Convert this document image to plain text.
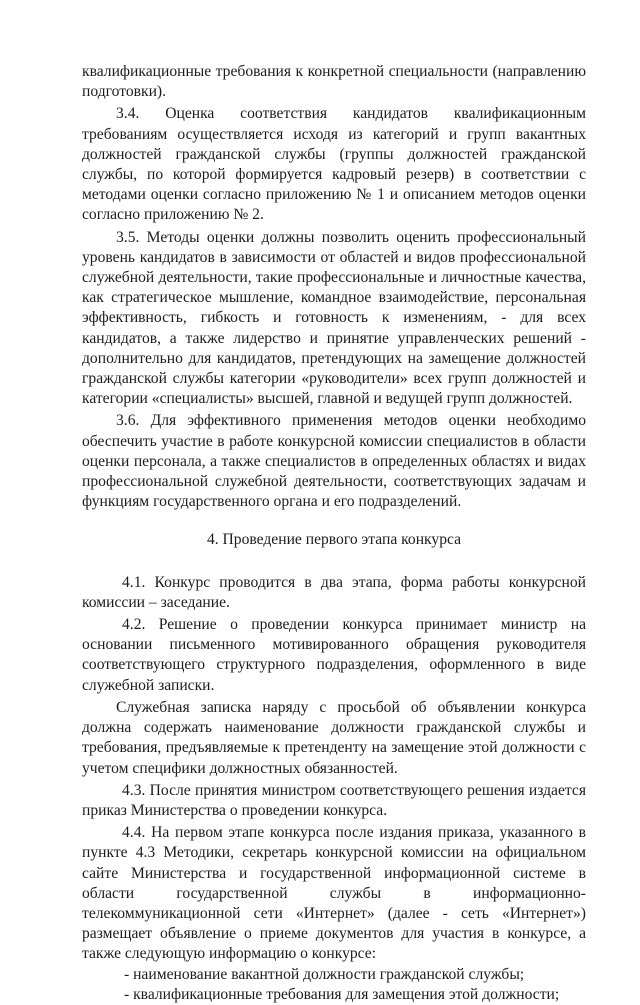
квалификационные требования к конкретной специальности (направлению подготовки).

3.4. Оценка соответствия кандидатов квалификационным требованиям осуществляется исходя из категорий и групп вакантных должностей гражданской службы (группы должностей гражданской службы, по которой формируется кадровый резерв) в соответствии с методами оценки согласно приложению № 1 и описанием методов оценки согласно приложению № 2.

3.5. Методы оценки должны позволить оценить профессиональный уровень кандидатов в зависимости от областей и видов профессиональной служебной деятельности, такие профессиональные и личностные качества, как стратегическое мышление, командное взаимодействие, персональная эффективность, гибкость и готовность к изменениям, - для всех кандидатов, а также лидерство и принятие управленческих решений - дополнительно для кандидатов, претендующих на замещение должностей гражданской службы категории «руководители» всех групп должностей и категории «специалисты» высшей, главной и ведущей групп должностей.

3.6. Для эффективного применения методов оценки необходимо обеспечить участие в работе конкурсной комиссии специалистов в области оценки персонала, а также специалистов в определенных областях и видах профессиональной служебной деятельности, соответствующих задачам и функциям государственного органа и его подразделений.

4. Проведение первого этапа конкурса

4.1. Конкурс проводится в два этапа, форма работы конкурсной комиссии – заседание.

4.2. Решение о проведении конкурса принимает министр на основании письменного мотивированного обращения руководителя соответствующего структурного подразделения, оформленного в виде служебной записки.

Служебная записка наряду с просьбой об объявлении конкурса должна содержать наименование должности гражданской службы и требования, предъявляемые к претенденту на замещение этой должности с учетом специфики должностных обязанностей.

4.3. После принятия министром соответствующего решения издается приказ Министерства о проведении конкурса.

4.4. На первом этапе конкурса после издания приказа, указанного в пункте 4.3 Методики, секретарь конкурсной комиссии на официальном сайте Министерства и государственной информационной системе в области государственной службы в информационно-телекоммуникационной сети «Интернет» (далее - сеть «Интернет») размещает объявление о приеме документов для участия в конкурсе, а также следующую информацию о конкурсе:

- наименование вакантной должности гражданской службы;

- квалификационные требования для замещения этой должности;
